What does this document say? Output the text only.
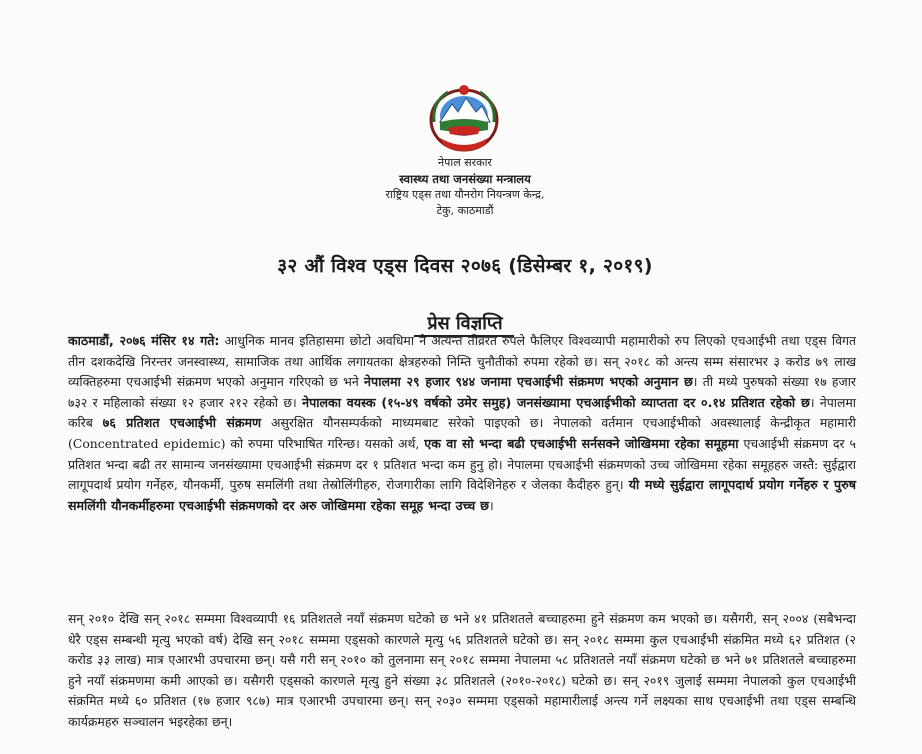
नेपाल सरकार
स्वास्थ्य तथा जनसंख्या मन्त्रालय
राष्ट्रिय एड्स तथा यौनरोग नियन्त्रण केन्द्र,
टेकु, काठमाडौं
३२ औं विश्व एड्स दिवस २०७६ (डिसेम्बर १, २०१९)
प्रेस विज्ञप्ति
काठमाडौं, २०७६ मंसिर १४ गते: आधुनिक मानव इतिहासमा छोटो अवधिमा नै अत्यन्त तीव्ररत रुपले फैलिएर विश्वव्यापी महामारीको रुप लिएको एचआईभी तथा एड्स विगत तीन दशकदेखि निरन्तर जनस्वास्थ्य, सामाजिक तथा आर्थिक लगायतका क्षेत्रहरुको निम्ति चुनौतीको रुपमा रहेको छ। सन् २०१८ को अन्त्य सम्म संसारभर ३ करोड ७९ लाख व्यक्तिहरुमा एचआईभी संक्रमण भएको अनुमान गरिएको छ भने नेपालमा २९ हजार ९४४ जनामा एचआईभी संक्रमण भएको अनुमान छ। ती मध्ये पुरुषको संख्या १७ हजार ७३२ र महिलाको संख्या १२ हजार २१२ रहेको छ। नेपालका वयस्क (१५-४९ वर्षको उमेर समुह) जनसंख्यामा एचआईभीको व्याप्तता दर ०.१४ प्रतिशत रहेको छ। नेपालमा करिब ७६ प्रतिशत एचआईभी संक्रमण असुरक्षित यौनसम्पर्कको माध्यमबाट सरेको पाइएको छ। नेपालको वर्तमान एचआईभीको अवस्थालाई केन्द्रीकृत महामारी (Concentrated epidemic) को रुपमा परिभाषित गरिन्छ। यसको अर्थ, एक वा सो भन्दा बढी एचआईभी सर्नसक्ने जोखिममा रहेका समूहमा एचआईभी संक्रमण दर ५ प्रतिशत भन्दा बढी तर सामान्य जनसंख्यामा एचआईभी संक्रमण दर १ प्रतिशत भन्दा कम हुनु हो। नेपालमा एचआईभी संक्रमणको उच्च जोखिममा रहेका समूहहरु जस्तै: सुईद्वारा लागूपदार्थ प्रयोग गर्नेहरु, यौनकर्मी, पुरुष समलिंगी तथा तेस्रोलिंगीहरु, रोजगारीका लागि विदेशिनेहरु र जेलका कैदीहरु हुन्। यी मध्ये सुईद्वारा लागूपदार्थ प्रयोग गर्नेहरु र पुरुष समलिंगी यौनकर्मीहरुमा एचआईभी संक्रमणको दर अरु जोखिममा रहेका समूह भन्दा उच्च छ।
सन् २०१० देखि सन् २०१८ सम्ममा विश्वव्यापी १६ प्रतिशतले नयाँ संक्रमण घटेको छ भने ४१ प्रतिशतले बच्चाहरुमा हुने संक्रमण कम भएको छ। यसैगरी, सन् २००४ (सबैभन्दा धेरै एड्स सम्बन्धी मृत्यु भएको वर्ष) देखि सन् २०१८ सम्ममा एड्सको कारणले मृत्यु ५६ प्रतिशतले घटेको छ। सन् २०१८ सम्ममा कुल एचआईभी संक्रमित मध्ये ६२ प्रतिशत (२ करोड ३३ लाख) मात्र एआरभी उपचारमा छन्। यसै गरी सन् २०१० को तुलनामा सन् २०१८ सम्ममा नेपालमा ५८ प्रतिशतले नयाँ संक्रमण घटेको छ भने ७१ प्रतिशतले बच्चाहरुमा हुने नयाँ संक्रमणमा कमी आएको छ। यसैगरी एड्सको कारणले मृत्यु हुने संख्या ३८ प्रतिशतले (२०१०-२०१८) घटेको छ। सन् २०१९ जुलाई सम्ममा नेपालको कुल एचआईभी संक्रमित मध्ये ६० प्रतिशत (१७ हजार ९८७) मात्र एआरभी उपचारमा छन्। सन् २०३० सम्ममा एड्सको महामारीलाई अन्त्य गर्ने लक्ष्यका साथ एचआईभी तथा एड्स सम्बन्धि कार्यक्रमहरु सञ्चालन भइरहेका छन्।
